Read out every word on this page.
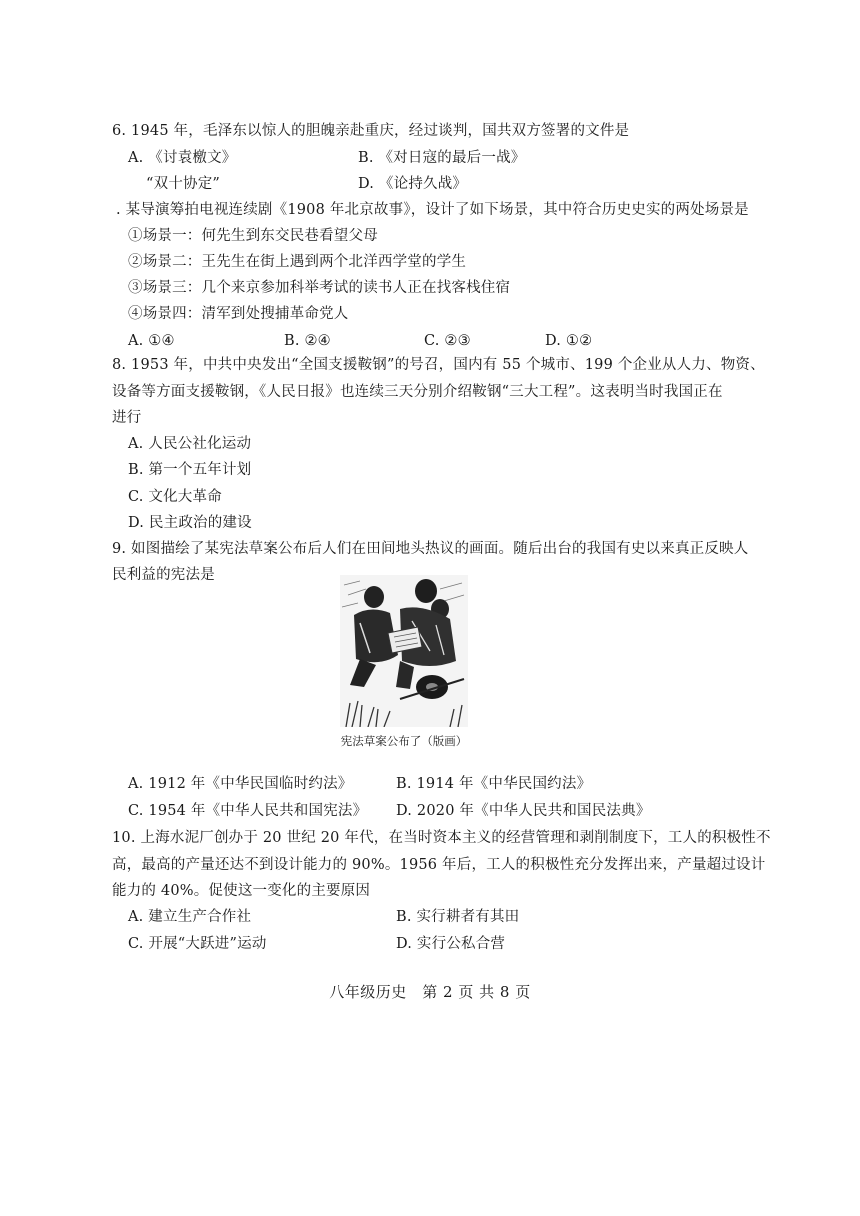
6. 1945 年，毛泽东以惊人的胆魄亲赴重庆，经过谈判，国共双方签署的文件是
A. 《讨袁檄文》	B. 《对日寇的最后一战》
“双十协定”	D. 《论持久战》
. 某导演筹拍电视连续剧《1908 年北京故事》，设计了如下场景，其中符合历史史实的两处场景是
①场景一：何先生到东交民巷看望父母
②场景二：王先生在街上遇到两个北洋西学堂的学生
③场景三：几个来京参加科举考试的读书人正在找客栈住宿
④场景四：清军到处搜捕革命党人
A. ①④	B. ②④	C. ②③	D. ①②
8. 1953 年，中共中央发出“全国支援鞍钢”的号召，国内有 55 个城市、199 个企业从人力、物资、
设备等方面支援鞍钢，《人民日报》也连续三天分别介绍鞍钢“三大工程”。这表明当时我国正在
进行
A. 人民公社化运动
B. 第一个五年计划
C. 文化大革命
D. 民主政治的建设
9. 如图描绘了某宪法草案公布后人们在田间地头热议的画面。随后出台的我国有史以来真正反映人
民利益的宪法是
宪法草案公布了（版画）
A. 1912 年《中华民国临时约法》	B. 1914 年《中华民国约法》
C. 1954 年《中华人民共和国宪法》 D. 2020 年《中华人民共和国民法典》
10. 上海水泥厂创办于 20 世纪 20 年代，在当时资本主义的经营管理和剥削制度下，工人的积极性不
高，最高的产量还达不到设计能力的 90%。1956 年后，工人的积极性充分发挥出来，产量超过设计
能力的 40%。促使这一变化的主要原因
A. 建立生产合作社	B. 实行耕者有其田
C. 开展“大跃进”运动	D. 实行公私合营
八年级历史　第 2 页 共 8 页
